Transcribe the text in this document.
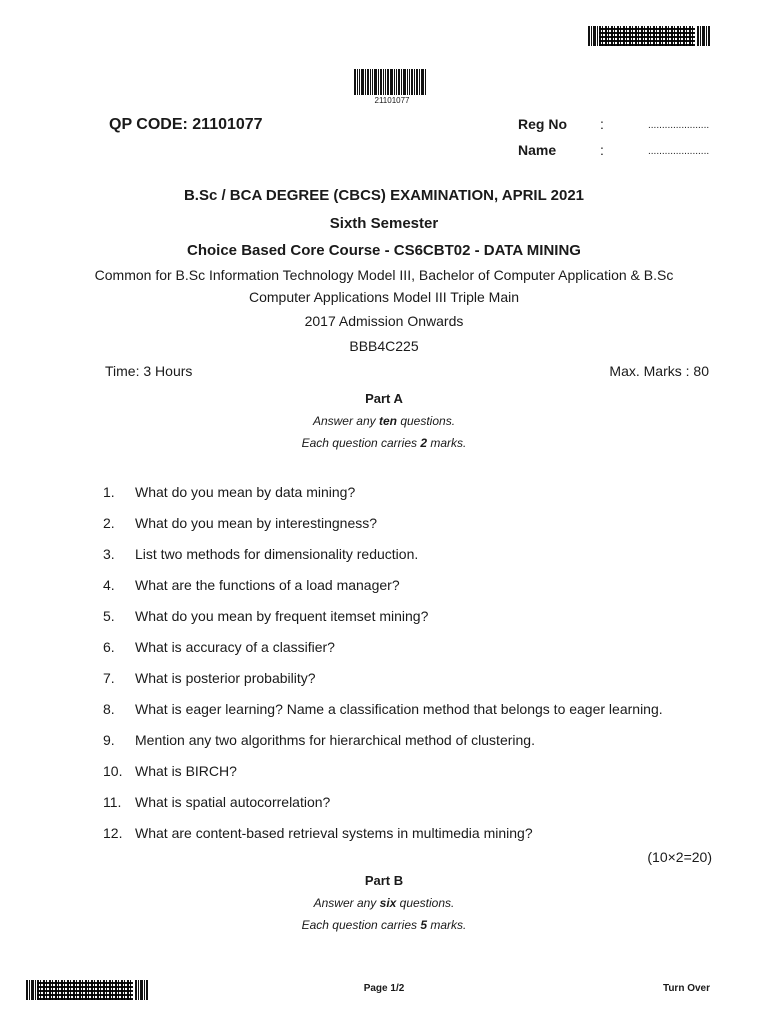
21101077
QP CODE: 21101077	Reg No :	......................
Name	:	......................
B.Sc / BCA DEGREE (CBCS) EXAMINATION, APRIL 2021
Sixth Semester
Choice Based Core Course - CS6CBT02 - DATA MINING
Common for B.Sc Information Technology Model III, Bachelor of Computer Application & B.Sc
Computer Applications Model III Triple Main
2017 Admission Onwards
BBB4C225
Time: 3 Hours	Max. Marks : 80
Part A
Answer any ten questions.
Each question carries 2 marks.
1. What do you mean by data mining?
2. What do you mean by interestingness?
3. List two methods for dimensionality reduction.
4. What are the functions of a load manager?
5. What do you mean by frequent itemset mining?
6. What is accuracy of a classifier?
7. What is posterior probability?
8. What is eager learning? Name a classification method that belongs to eager learning.
9. Mention any two algorithms for hierarchical method of clustering.
10. What is BIRCH?
11. What is spatial autocorrelation?
12. What are content-based retrieval systems in multimedia mining?
(10×2=20)
Part B
Answer any six questions.
Each question carries 5 marks.
Page 1/2	Turn Over
